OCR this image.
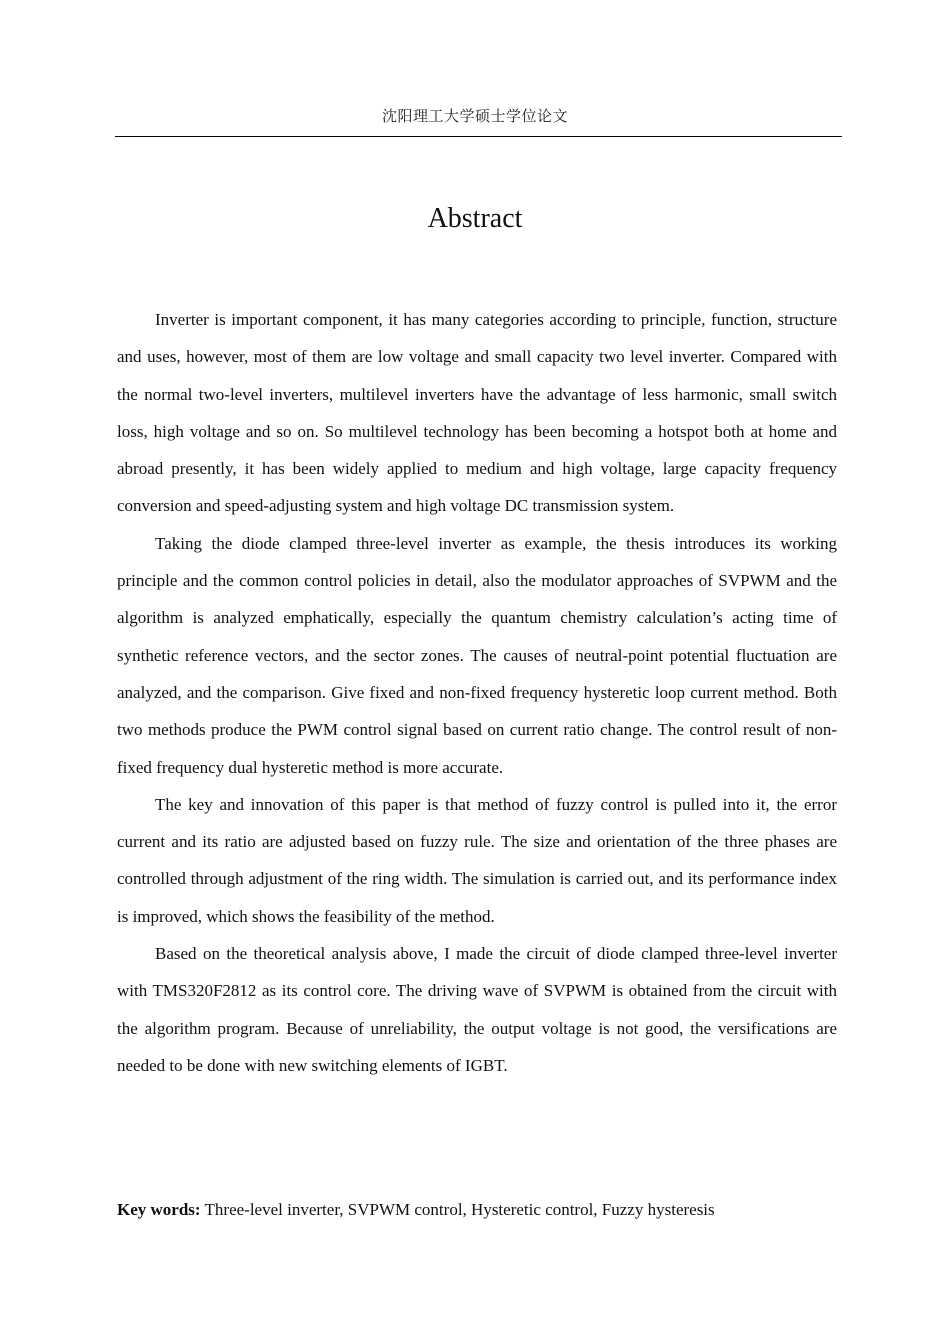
沈阳理工大学硕士学位论文
Abstract

Inverter is important component, it has many categories according to principle, function, structure and uses, however, most of them are low voltage and small capacity two level inverter. Compared with the normal two-level inverters, multilevel inverters have the advantage of less harmonic, small switch loss, high voltage and so on. So multilevel technology has been becoming a hotspot both at home and abroad presently, it has been widely applied to medium and high voltage, large capacity frequency conversion and speed-adjusting system and high voltage DC transmission system.

Taking the diode clamped three-level inverter as example, the thesis introduces its working principle and the common control policies in detail, also the modulator approaches of SVPWM and the algorithm is analyzed emphatically, especially the quantum chemistry calculation’s acting time of synthetic reference vectors, and the sector zones. The causes of neutral-point potential fluctuation are analyzed, and the comparison. Give fixed and non-fixed frequency hysteretic loop current method. Both two methods produce the PWM control signal based on current ratio change. The control result of non-fixed frequency dual hysteretic method is more accurate.

The key and innovation of this paper is that method of fuzzy control is pulled into it, the error current and its ratio are adjusted based on fuzzy rule. The size and orientation of the three phases are controlled through adjustment of the ring width. The simulation is carried out, and its performance index is improved, which shows the feasibility of the method.

Based on the theoretical analysis above, I made the circuit of diode clamped three-level inverter with TMS320F2812 as its control core. The driving wave of SVPWM is obtained from the circuit with the algorithm program. Because of unreliability, the output voltage is not good, the versifications are needed to be done with new switching elements of IGBT.

Key words: Three-level inverter, SVPWM control, Hysteretic control, Fuzzy hysteresis
